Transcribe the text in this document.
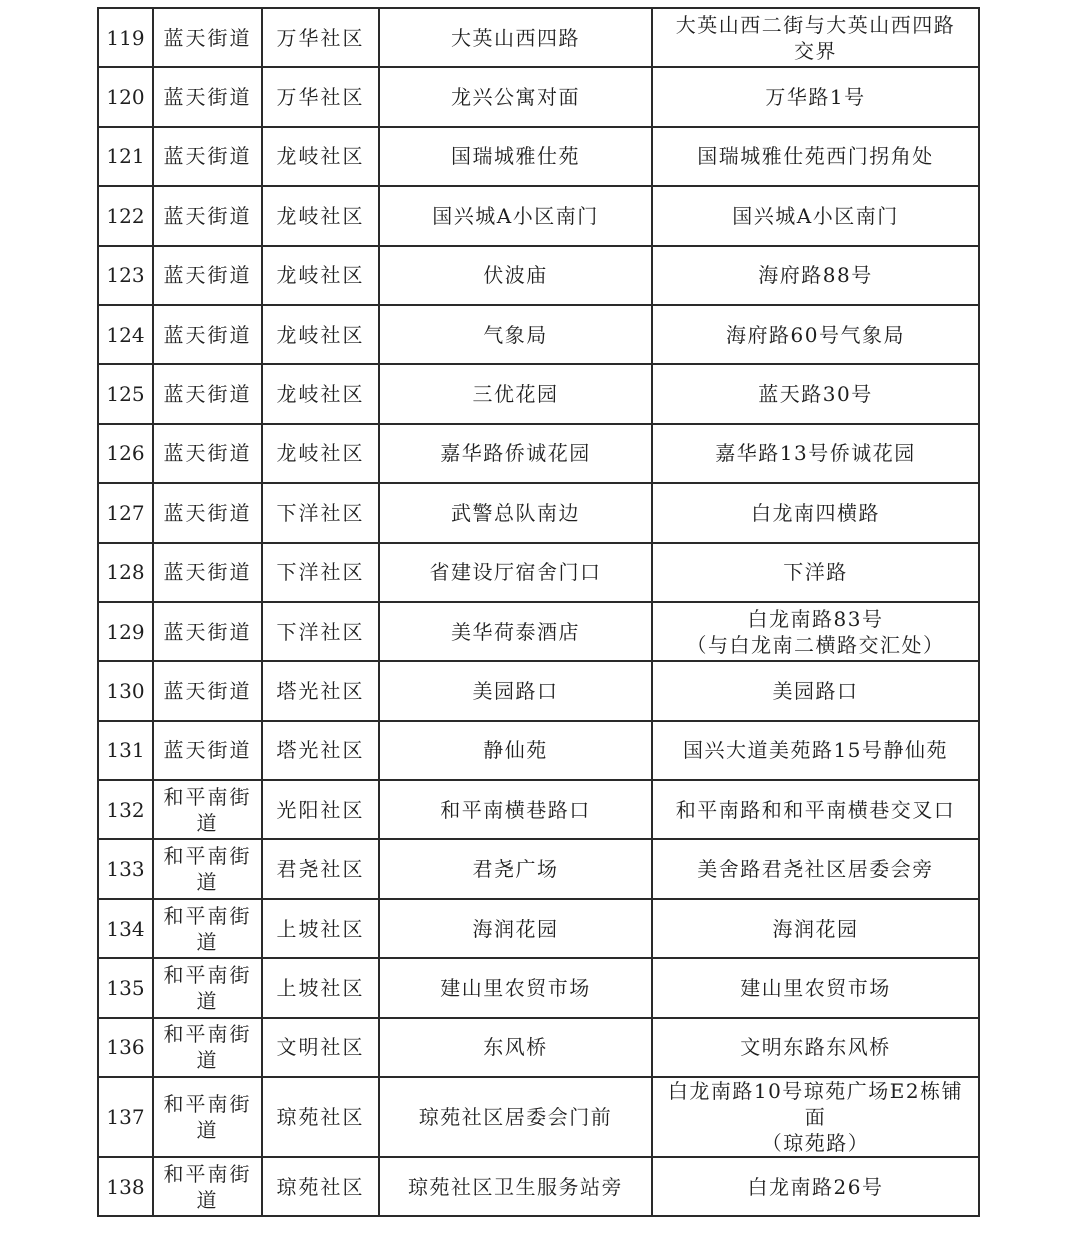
119	蓝天街道	万华社区	大英山西四路	大英山西二街与大英山西四路
交界

120	蓝天街道	万华社区	龙兴公寓对面	万华路1号

121	蓝天街道	龙岐社区	国瑞城雅仕苑	国瑞城雅仕苑西门拐角处

122	蓝天街道	龙岐社区	国兴城A小区南门	国兴城A小区南门

123	蓝天街道	龙岐社区	伏波庙	海府路88号

124	蓝天街道	龙岐社区	气象局	海府路60号气象局

125	蓝天街道	龙岐社区	三优花园	蓝天路30号

126	蓝天街道	龙岐社区	嘉华路侨诚花园	嘉华路13号侨诚花园

127	蓝天街道	下洋社区	武警总队南边	白龙南四横路

128	蓝天街道	下洋社区	省建设厅宿舍门口	下洋路

129	蓝天街道	下洋社区	美华荷泰酒店	白龙南路83号
（与白龙南二横路交汇处）

130	蓝天街道	塔光社区	美园路口	美园路口

131	蓝天街道	塔光社区	静仙苑	国兴大道美苑路15号静仙苑

132	和平南街道	光阳社区	和平南横巷路口	和平南路和和平南横巷交叉口

133	和平南街道	君尧社区	君尧广场	美舍路君尧社区居委会旁

134	和平南街道	上坡社区	海润花园	海润花园

135	和平南街道	上坡社区	建山里农贸市场	建山里农贸市场

136	和平南街道	文明社区	东风桥	文明东路东风桥

137	和平南街道	琼苑社区	琼苑社区居委会门前	白龙南路10号琼苑广场E2栋铺面
（琼苑路）

138	和平南街道	琼苑社区	琼苑社区卫生服务站旁	白龙南路26号
